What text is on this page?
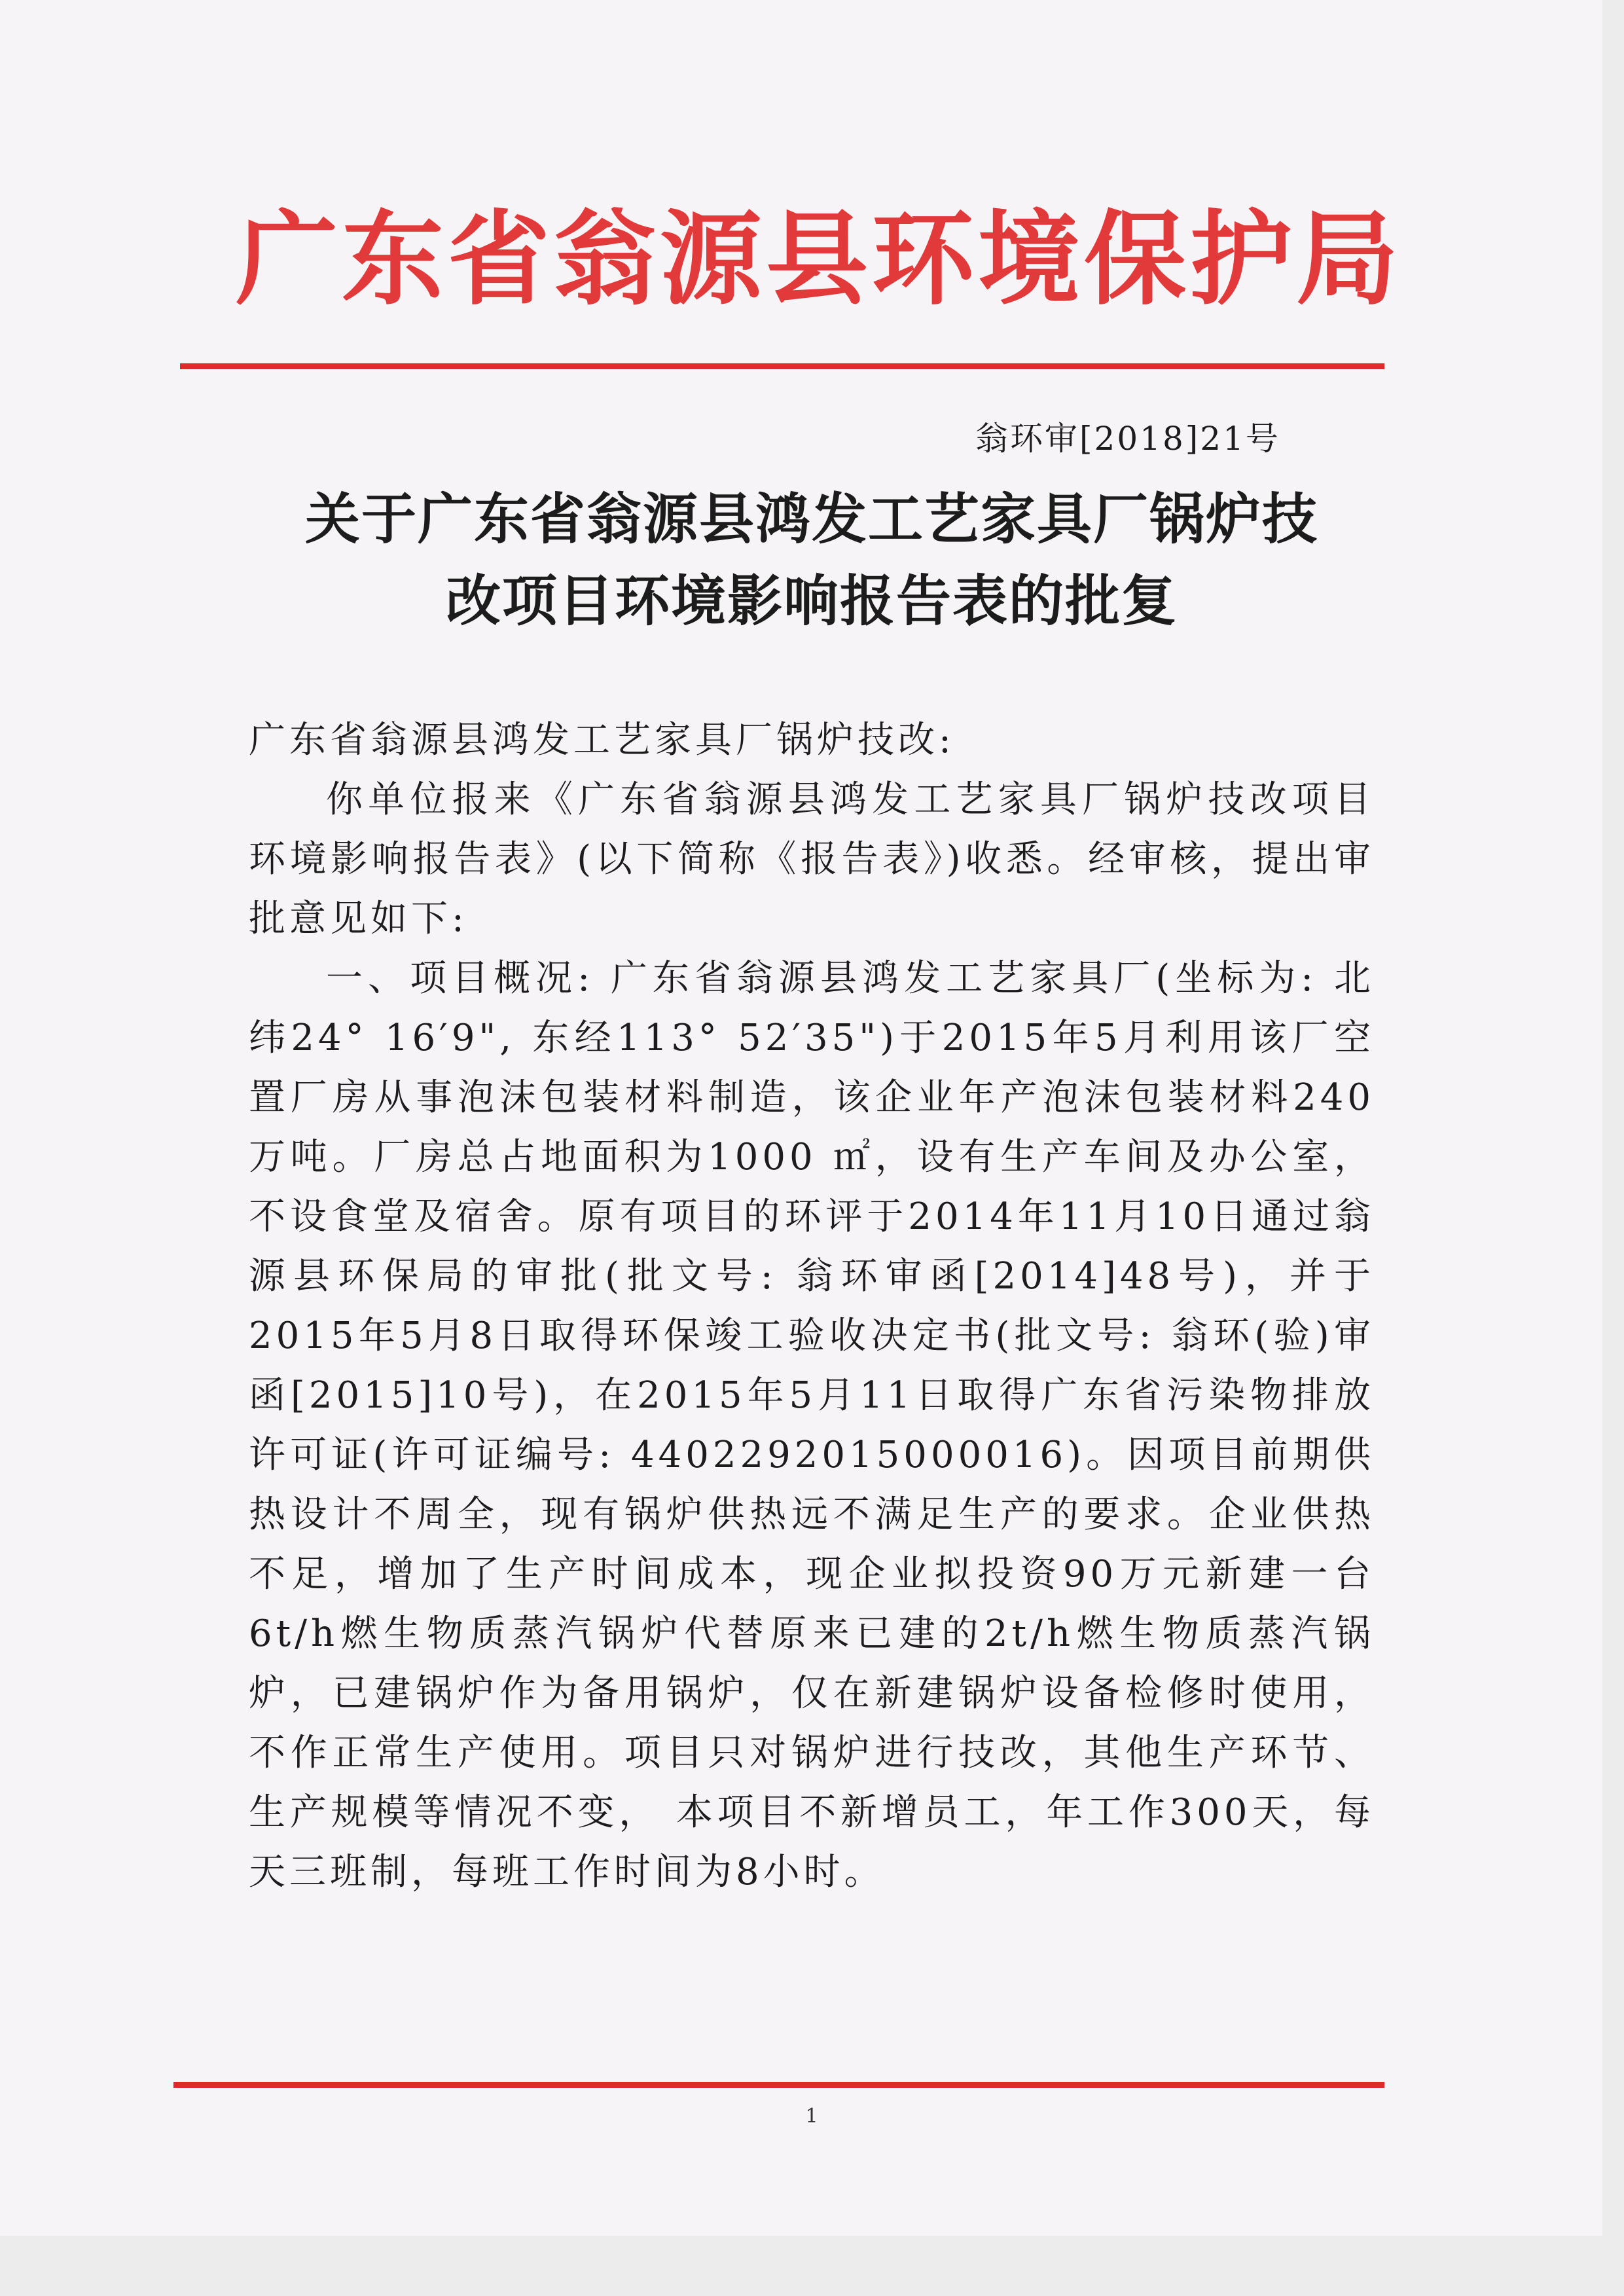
广东省翁源县环境保护局
翁环审[2018]21号
关于广东省翁源县鸿发工艺家具厂锅炉技
改项目环境影响报告表的批复

广东省翁源县鸿发工艺家具厂锅炉技改:

你单位报来《广东省翁源县鸿发工艺家具厂锅炉技改项目环境影响报告表》(以下简称《报告表》)收悉。经审核，提出审批意见如下:

一、项目概况: 广东省翁源县鸿发工艺家具厂(坐标为: 北纬24° 16′9", 东经113° 52′35")于2015年5月利用该厂空置厂房从事泡沫包装材料制造，该企业年产泡沫包装材料240万吨。厂房总占地面积为1000 ㎡，设有生产车间及办公室，不设食堂及宿舍。原有项目的环评于2014年11月10日通过翁源县环保局的审批(批文号: 翁环审函[2014]48号)，并于2015年5月8日取得环保竣工验收决定书(批文号: 翁环(验)审函[2015]10号)，在2015年5月11日取得广东省污染物排放许可证(许可证编号: 4402292015000016)。因项目前期供热设计不周全，现有锅炉供热远不满足生产的要求。企业供热不足，增加了生产时间成本，现企业拟投资90万元新建一台6t/h燃生物质蒸汽锅炉代替原来已建的2t/h燃生物质蒸汽锅炉，已建锅炉作为备用锅炉，仅在新建锅炉设备检修时使用，不作正常生产使用。项目只对锅炉进行技改，其他生产环节、生产规模等情况不变， 本项目不新增员工，年工作300天，每天三班制，每班工作时间为8小时。

1
